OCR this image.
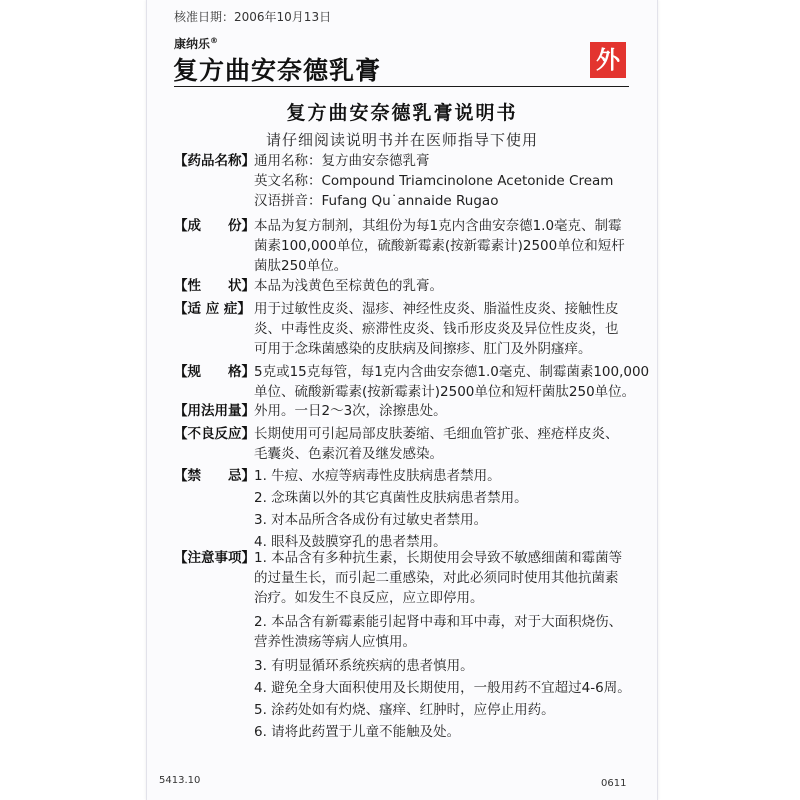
核准日期：2006年10月13日
康纳乐®
复方曲安奈德乳膏	外
复方曲安奈德乳膏说明书
请仔细阅读说明书并在医师指导下使用
【药品名称】 通用名称：复方曲安奈德乳膏
英文名称：Compound Triamcinolone Acetonide Cream
汉语拼音：Fufang Qu˙annaide Rugao
【成　　份】 本品为复方制剂，其组份为每1克内含曲安奈德1.0毫克、制霉
菌素100,000单位，硫酸新霉素(按新霉素计)2500单位和短杆
菌肽250单位。
【性　　状】 本品为浅黄色至棕黄色的乳膏。
【适 应 症】 用于过敏性皮炎、湿疹、神经性皮炎、脂溢性皮炎、接触性皮
炎、中毒性皮炎、瘀滞性皮炎、钱币形皮炎及异位性皮炎，也
可用于念珠菌感染的皮肤病及间擦疹、肛门及外阴瘙痒。
【规　　格】 5克或15克每管，每1克内含曲安奈德1.0毫克、制霉菌素100,000
单位、硫酸新霉素(按新霉素计)2500单位和短杆菌肽250单位。
【用法用量】 外用。一日2～3次，涂擦患处。
【不良反应】 长期使用可引起局部皮肤萎缩、毛细血管扩张、痤疮样皮炎、
毛囊炎、色素沉着及继发感染。
【禁　　忌】 1. 牛痘、水痘等病毒性皮肤病患者禁用。
2. 念珠菌以外的其它真菌性皮肤病患者禁用。
3. 对本品所含各成份有过敏史者禁用。
4. 眼科及鼓膜穿孔的患者禁用。
【注意事项】 1. 本品含有多种抗生素，长期使用会导致不敏感细菌和霉菌等
的过量生长，而引起二重感染，对此必须同时使用其他抗菌素
治疗。如发生不良反应，应立即停用。
2. 本品含有新霉素能引起肾中毒和耳中毒，对于大面积烧伤、
营养性溃疡等病人应慎用。
3. 有明显循环系统疾病的患者慎用。
4. 避免全身大面积使用及长期使用，一般用药不宜超过4-6周。
5. 涂药处如有灼烧、瘙痒、红肿时，应停止用药。
6. 请将此药置于儿童不能触及处。
5413.10	0611
